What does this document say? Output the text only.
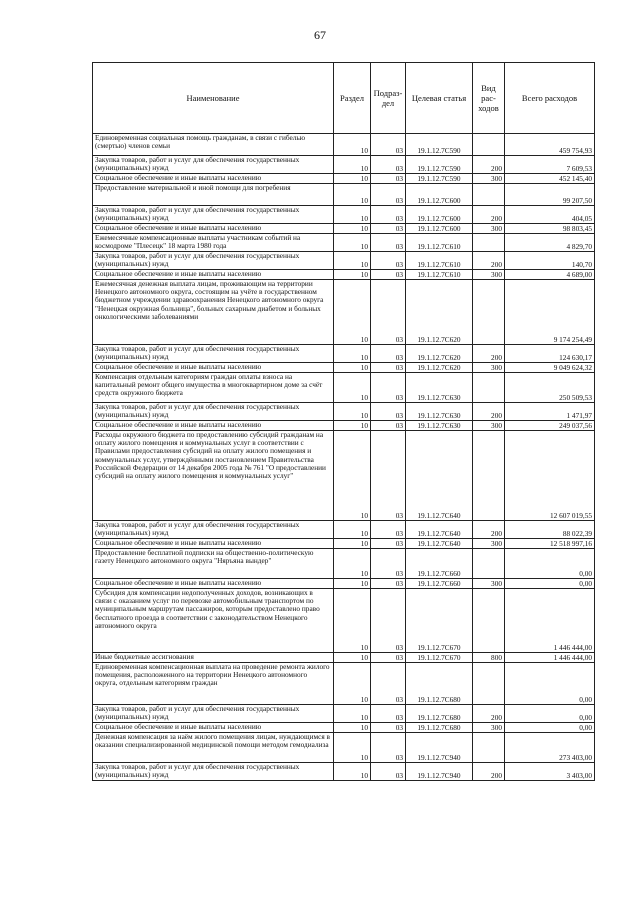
67
Наименование	Раздел	Подраз-дел	Целевая статья	Вид рас-ходов	Всего расходов
Единовременная социальная помощь гражданам, в связи с гибелью (смертью) членов семьи	10	03	19.1.12.7С590		459 754,93
Закупка товаров, работ и услуг для обеспечения государственных (муниципальных) нужд	10	03	19.1.12.7С590	200	7 609,53
Социальное обеспечение и иные выплаты населению	10	03	19.1.12.7С590	300	452 145,40
Предоставление материальной и иной помощи для погребения	10	03	19.1.12.7С600		99 207,50
Закупка товаров, работ и услуг для обеспечения государственных (муниципальных) нужд	10	03	19.1.12.7С600	200	404,05
Социальное обеспечение и иные выплаты населению	10	03	19.1.12.7С600	300	98 803,45
Ежемесячные компенсационные выплаты участникам событий на космодроме "Плесецк" 18 марта 1980 года	10	03	19.1.12.7С610		4 829,70
Закупка товаров, работ и услуг для обеспечения государственных (муниципальных) нужд	10	03	19.1.12.7С610	200	140,70
Социальное обеспечение и иные выплаты населению	10	03	19.1.12.7С610	300	4 689,00
Ежемесячная денежная выплата лицам, проживающим на территории Ненецкого автономного округа, состоящим на учёте в государственном бюджетном учреждении здравоохранения Ненецкого автономного округа "Ненецкая окружная больница", больных сахарным диабетом и больных онкологическими заболеваниями	10	03	19.1.12.7С620		9 174 254,49
Закупка товаров, работ и услуг для обеспечения государственных (муниципальных) нужд	10	03	19.1.12.7С620	200	124 630,17
Социальное обеспечение и иные выплаты населению	10	03	19.1.12.7С620	300	9 049 624,32
Компенсация отдельным категориям граждан оплаты взноса на капитальный ремонт общего имущества в многоквартирном доме за счёт средств окружного бюджета	10	03	19.1.12.7С630		250 509,53
Закупка товаров, работ и услуг для обеспечения государственных (муниципальных) нужд	10	03	19.1.12.7С630	200	1 471,97
Социальное обеспечение и иные выплаты населению	10	03	19.1.12.7С630	300	249 037,56
Расходы окружного бюджета по предоставлению субсидий гражданам на оплату жилого помещения и коммунальных услуг в соответствии с Правилами предоставления субсидий на оплату жилого помещения и коммунальных услуг, утверждёнными постановлением Правительства Российской Федерации от 14 декабря 2005 года № 761 "О предоставлении субсидий на оплату жилого помещения и коммунальных услуг"	10	03	19.1.12.7С640		12 607 019,55
Закупка товаров, работ и услуг для обеспечения государственных (муниципальных) нужд	10	03	19.1.12.7С640	200	88 022,39
Социальное обеспечение и иные выплаты населению	10	03	19.1.12.7С640	300	12 518 997,16
Предоставление бесплатной подписки на общественно-политическую газету Ненецкого автономного округа "Няръяна вындер"	10	03	19.1.12.7С660		0,00
Социальное обеспечение и иные выплаты населению	10	03	19.1.12.7С660	300	0,00
Субсидия для компенсации недополученных доходов, возникающих в связи с оказанием услуг по перевозке автомобильным транспортом по муниципальным маршрутам пассажиров, которым предоставлено право бесплатного проезда в соответствии с законодательством Ненецкого автономного округа	10	03	19.1.12.7С670		1 446 444,00
Иные бюджетные ассигнования	10	03	19.1.12.7С670	800	1 446 444,00
Единовременная компенсационная выплата на проведение ремонта жилого помещения, расположенного на территории Ненецкого автономного округа, отдельным категориям граждан	10	03	19.1.12.7С680		0,00
Закупка товаров, работ и услуг для обеспечения государственных (муниципальных) нужд	10	03	19.1.12.7С680	200	0,00
Социальное обеспечение и иные выплаты населению	10	03	19.1.12.7С680	300	0,00
Денежная компенсация за наём жилого помещения лицам, нуждающимся в оказании специализированной медицинской помощи методом гемодиализа	10	03	19.1.12.7С940		273 403,00
Закупка товаров, работ и услуг для обеспечения государственных (муниципальных) нужд	10	03	19.1.12.7С940	200	3 403,00
